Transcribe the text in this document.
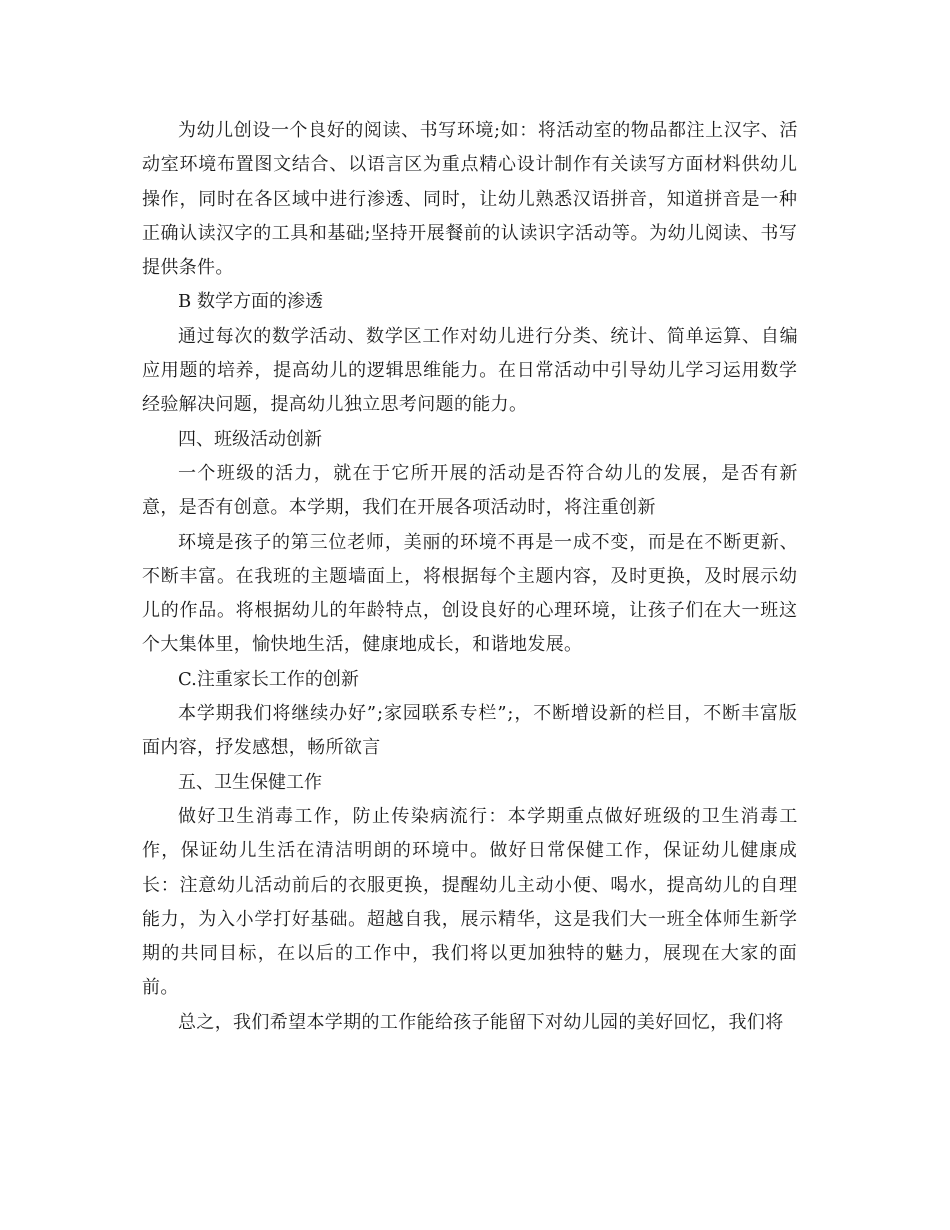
为幼儿创设一个良好的阅读、书写环境;如：将活动室的物品都注上汉字、活
动室环境布置图文结合、以语言区为重点精心设计制作有关读写方面材料供幼儿
操作，同时在各区域中进行渗透、同时，让幼儿熟悉汉语拼音，知道拼音是一种
正确认读汉字的工具和基础;坚持开展餐前的认读识字活动等。为幼儿阅读、书写
提供条件。
B 数学方面的渗透
通过每次的数学活动、数学区工作对幼儿进行分类、统计、简单运算、自编
应用题的培养，提高幼儿的逻辑思维能力。在日常活动中引导幼儿学习运用数学
经验解决问题，提高幼儿独立思考问题的能力。
四、班级活动创新
一个班级的活力，就在于它所开展的活动是否符合幼儿的发展，是否有新
意，是否有创意。本学期，我们在开展各项活动时，将注重创新
环境是孩子的第三位老师，美丽的环境不再是一成不变，而是在不断更新、
不断丰富。在我班的主题墙面上，将根据每个主题内容，及时更换，及时展示幼
儿的作品。将根据幼儿的年龄特点，创设良好的心理环境，让孩子们在大一班这
个大集体里，愉快地生活，健康地成长，和谐地发展。
C.注重家长工作的创新
本学期我们将继续办好”;家园联系专栏”;，不断增设新的栏目，不断丰富版
面内容，抒发感想，畅所欲言
五、卫生保健工作
做好卫生消毒工作，防止传染病流行：本学期重点做好班级的卫生消毒工
作，保证幼儿生活在清洁明朗的环境中。做好日常保健工作，保证幼儿健康成
长：注意幼儿活动前后的衣服更换，提醒幼儿主动小便、喝水，提高幼儿的自理
能力，为入小学打好基础。超越自我，展示精华，这是我们大一班全体师生新学
期的共同目标，在以后的工作中，我们将以更加独特的魅力，展现在大家的面
前。
总之，我们希望本学期的工作能给孩子能留下对幼儿园的美好回忆，我们将
